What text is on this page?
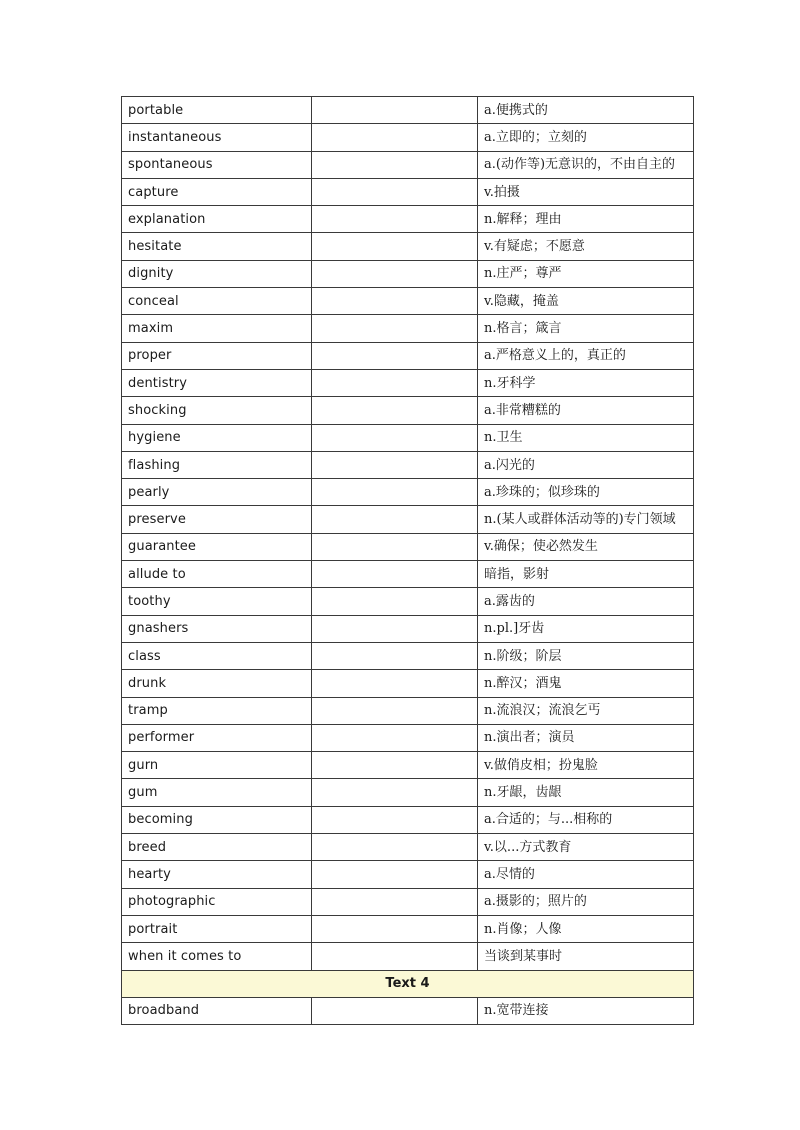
portable		a.便携式的
instantaneous		a.立即的；立刻的
spontaneous		a.(动作等)无意识的，不由自主的
capture		v.拍摄
explanation		n.解释；理由
hesitate		v.有疑虑；不愿意
dignity		n.庄严；尊严
conceal		v.隐藏，掩盖
maxim		n.格言；箴言
proper		a.严格意义上的，真正的
dentistry		n.牙科学
shocking		a.非常糟糕的
hygiene		n.卫生
flashing		a.闪光的
pearly		a.珍珠的；似珍珠的
preserve		n.(某人或群体活动等的)专门领域
guarantee		v.确保；使必然发生
allude to		暗指，影射
toothy		a.露齿的
gnashers		n.pl.]牙齿
class		n.阶级；阶层
drunk		n.醉汉；酒鬼
tramp		n.流浪汉；流浪乞丐
performer		n.演出者；演员
gurn		v.做俏皮相；扮鬼脸
gum		n.牙龈，齿龈
becoming		a.合适的；与...相称的
breed		v.以...方式教育
hearty		a.尽情的
photographic		a.摄影的；照片的
portrait		n.肖像；人像
when it comes to		当谈到某事时
Text 4		
broadband		n.宽带连接
